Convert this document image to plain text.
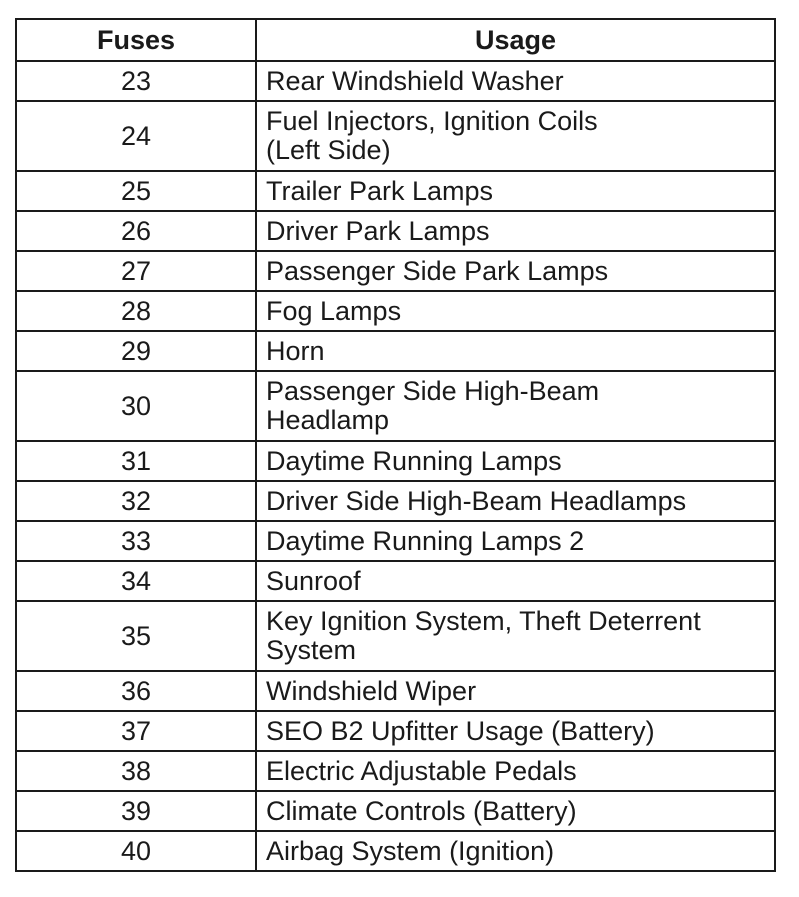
Fuses	Usage
23	Rear Windshield Washer

24	Fuel Injectors, Ignition Coils
(Left Side)

25	Trailer Park Lamps

26	Driver Park Lamps

27	Passenger Side Park Lamps

28	Fog Lamps

29	Horn

30	Passenger Side High-Beam
Headlamp

31	Daytime Running Lamps

32	Driver Side High-Beam Headlamps

33	Daytime Running Lamps 2

34	Sunroof

35	Key Ignition System, Theft Deterrent
System

36	Windshield Wiper

37	SEO B2 Upfitter Usage (Battery)

38	Electric Adjustable Pedals

39	Climate Controls (Battery)

40	Airbag System (Ignition)
